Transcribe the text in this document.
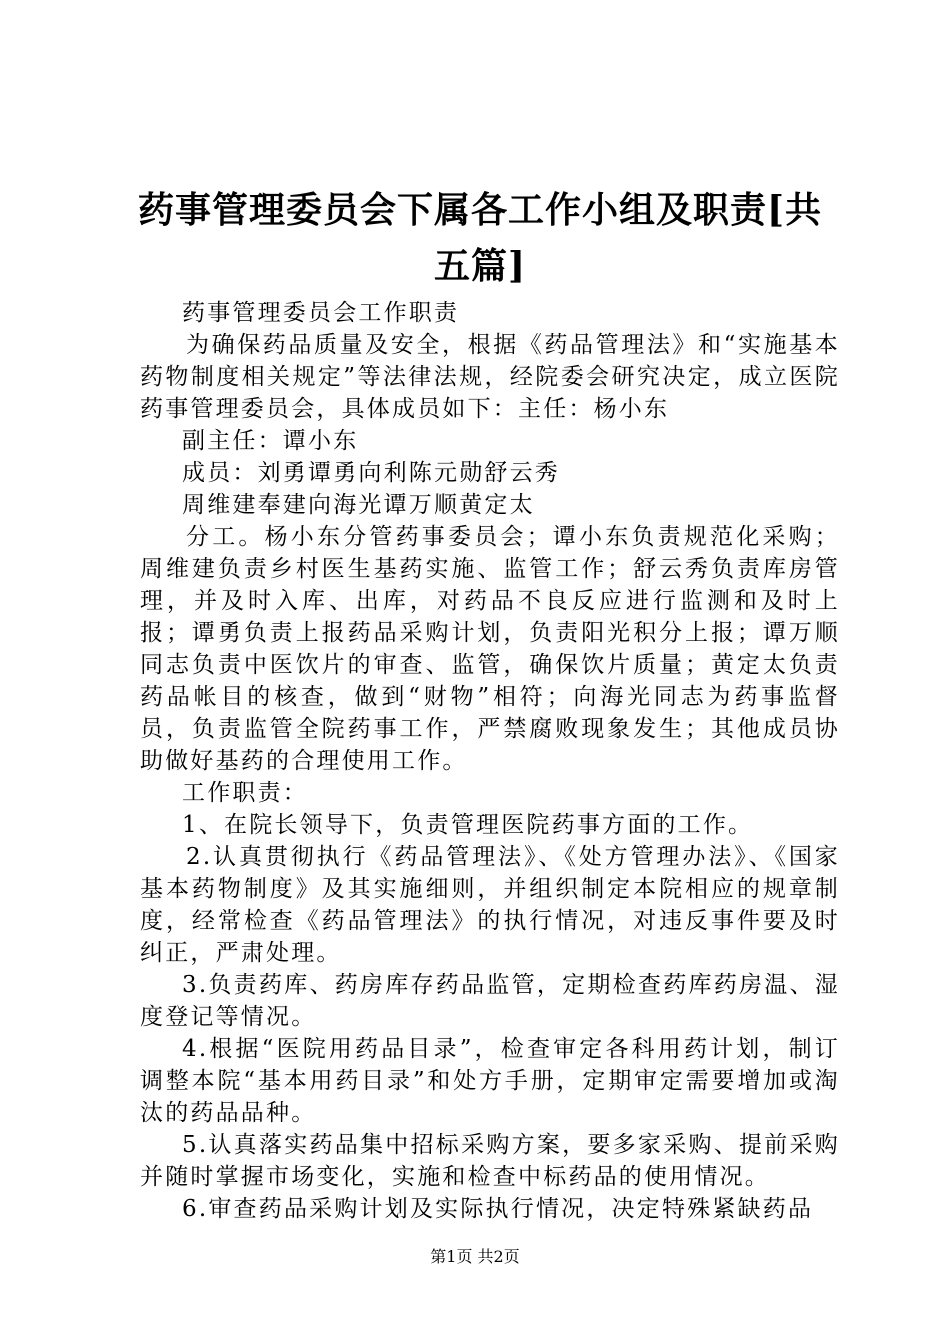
药事管理委员会下属各工作小组及职责[共五篇]

药事管理委员会工作职责

为确保药品质量及安全，根据《药品管理法》和“实施基本药物制度相关规定”等法律法规，经院委会研究决定，成立医院药事管理委员会，具体成员如下：主任：杨小东

副主任：谭小东

成员：刘勇谭勇向利陈元勋舒云秀

周维建奉建向海光谭万顺黄定太

分工。杨小东分管药事委员会；谭小东负责规范化采购；周维建负责乡村医生基药实施、监管工作；舒云秀负责库房管理，并及时入库、出库，对药品不良反应进行监测和及时上报；谭勇负责上报药品采购计划，负责阳光积分上报；谭万顺同志负责中医饮片的审查、监管，确保饮片质量；黄定太负责药品帐目的核查，做到“财物”相符；向海光同志为药事监督员，负责监管全院药事工作，严禁腐败现象发生；其他成员协助做好基药的合理使用工作。

工作职责：

1、在院长领导下，负责管理医院药事方面的工作。

2.认真贯彻执行《药品管理法》、《处方管理办法》、《国家基本药物制度》及其实施细则，并组织制定本院相应的规章制度，经常检查《药品管理法》的执行情况，对违反事件要及时纠正，严肃处理。

3.负责药库、药房库存药品监管，定期检查药库药房温、湿度登记等情况。

4.根据“医院用药品目录”，检查审定各科用药计划，制订调整本院“基本用药目录”和处方手册，定期审定需要增加或淘汰的药品品种。

5.认真落实药品集中招标采购方案，要多家采购、提前采购并随时掌握市场变化，实施和检查中标药品的使用情况。

6.审查药品采购计划及实际执行情况，决定特殊紧缺药品

第1页 共2页
